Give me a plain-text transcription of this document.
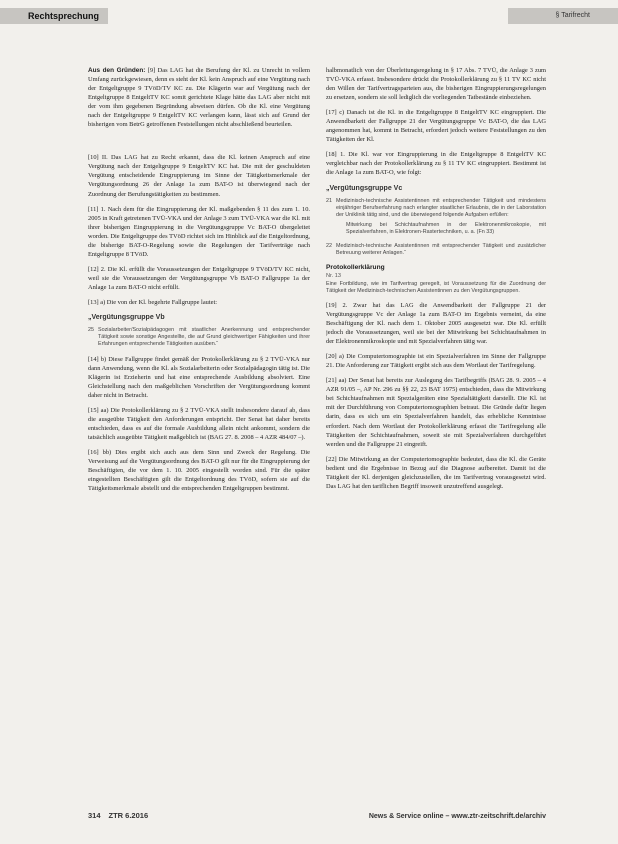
Rechtsprechung	§ Tarifrecht

Aus den Gründen: [9] Das LAG hat die Berufung der Kl. zu Unrecht in vollem Umfang zurückgewiesen, denn es steht der Kl. kein Anspruch auf eine Vergütung nach der Entgeltgruppe 9 TVöD/TV KC zu. Die Klägerin war auf Vergütung nach der Entgeltgruppe 8 EntgeltTV KC somit gerichtete Klage hätte das LAG aber nicht mit der vom ihm gegebenen Begründung abweisen dürfen. Ob die Kl. eine Vergütung nach der Entgeltgruppe 9 EntgeltTV KC verlangen kann, lässt sich auf Grund der bisherigen vom BetrG getroffenen Feststellungen nicht abschließend beurteilen.

[10] II. Das LAG hat zu Recht erkannt, dass die Kl. keinen Anspruch auf eine Vergütung nach der Entgeltgruppe 9 EntgeltTV KC hat. Die mit der geschuldeten Vergütung entscheidende Eingruppierung im Sinne der Tätigkeitsmerkmale der Vergütungsordnung 26 der Anlage 1a zum BAT-O ist überwiegend nach der Zuordnung der Berufungstätigkeiten zu bestimmen.

[11] 1. Nach dem für die Eingruppierung der Kl. maßgebenden § 11 des zum 1. 10. 2005 in Kraft getretenen TVÜ-VKA und der Anlage 3 zum TVÜ-VKA war die Kl. mit ihrer bisherigen Eingruppierung in die Vergütungsgruppe Vc BAT-O übergeleitet worden. Die Entgeltgruppe des TVöD richtet sich im Hinblick auf die Entgeltordnung, die bisherige BAT-O-Regelung sowie die Regelungen der Tarifverträge nach Entgeltgruppe 8 TVöD.

[12] 2. Die Kl. erfüllt die Voraussetzungen der Entgeltgruppe 9 TVöD/TV KC nicht, weil sie die Voraussetzungen der Vergütungsgruppe Vb BAT-O Fallgruppe 1a der Anlage 1a zum BAT-O nicht erfüllt.

[13] a) Die von der Kl. begehrte Fallgruppe lautet:

„Vergütungsgruppe Vb
25 Sozialarbeiter/Sozialpädagogen mit staatlicher Anerkennung und entsprechender Tätigkeit sowie sonstige Angestellte, die auf Grund gleichwertiger Fähigkeiten und ihrer Erfahrungen entsprechende Tätigkeiten ausüben.“

[14] b) Diese Fallgruppe findet gemäß der Protokollerklärung zu § 2 TVÜ-VKA nur dann Anwendung, wenn die Kl. als Sozialarbeiterin oder Sozialpädagogin tätig ist. Die Klägerin ist Erzieherin und hat eine entsprechende Ausbildung absolviert. Eine Gleichstellung nach den maßgeblichen Vorschriften der Vergütungsordnung kommt daher nicht in Betracht.

[15] aa) Die Protokollerklärung zu § 2 TVÜ-VKA stellt insbesondere darauf ab, dass die ausgeübte Tätigkeit den Anforderungen entspricht. Der Senat hat daher bereits entschieden, dass es auf die formale Ausbildung allein nicht ankommt, sondern die tatsächlich ausgeübte Tätigkeit maßgeblich ist (BAG 27. 8. 2008 – 4 AZR 484/07 –).

[16] bb) Dies ergibt sich auch aus dem Sinn und Zweck der Regelung. Die Verweisung auf die Vergütungsordnung des BAT-O gilt nur für die Eingruppierung der Beschäftigten, die vor dem 1. 10. 2005 eingestellt worden sind. Für die später eingestellten Beschäftigten gilt die Entgeltordnung des TVöD, sofern sie auf die Tätigkeitsmerkmale abstellt und die entsprechenden Entgeltgruppen bestimmt.

halbmonatlich von der Überleitungsregelung in § 17 Abs. 7 TVÜ, die Anlage 3 zum TVÜ-VKA erfasst. Insbesondere drückt die Protokollerklärung zu § 11 TV KC nicht den Willen der Tarifvertragsparteien aus, die bisherigen Eingruppierungsregelungen zu ersetzen, sondern sie soll lediglich die vorliegenden Tatbestände einbeziehen.

[17] c) Danach ist die Kl. in die Entgeltgruppe 8 EntgeltTV KC eingruppiert. Die Anwendbarkeit der Fallgruppe 21 der Vergütungsgruppe Vc BAT-O, die das LAG angenommen hat, kommt in Betracht, erfordert jedoch weitere Feststellungen zu den Tätigkeiten der Kl.

[18] 1. Die Kl. war vor Eingruppierung in die Entgeltgruppe 8 EntgeltTV KC vergleichbar nach der Protokollerklärung zu § 11 TV KC eingruppiert. Bestimmt ist die Anlage 1a zum BAT-O, wie folgt:

„Vergütungsgruppe Vc
21 Medizinisch-technische Assistentinnen mit entsprechender Tätigkeit und mindestens einjähriger Berufserfahrung nach erlangter staatlicher Erlaubnis, die in der Laborstation der Uniklinik tätig sind, und die überwiegend folgende Aufgaben erfüllen:
Mitwirkung bei Schichtaufnahmen in der Elektronenmikroskopie, mit Spezialverfahren, in Elektronen-Rastertechniken, u. a. (Fn 33)
22 Medizinisch-technische Assistentinnen mit entsprechender Tätigkeit und zusätzlicher Betreuung weiterer Anlagen.“
Protokollerklärung
Nr. 13
Eine Fortbildung, wie im Tarifvertrag geregelt, ist Voraussetzung für die Zuordnung der Tätigkeit der Medizinisch-technischen Assistentinnen zu den Vergütungsgruppen.

[19] 2. Zwar hat das LAG die Anwendbarkeit der Fallgruppe 21 der Vergütungsgruppe Vc der Anlage 1a zum BAT-O im Ergebnis verneint, da eine Beschäftigung der Kl. nach dem 1. Oktober 2005 ausgesetzt war. Die Kl. erfüllt jedoch die Voraussetzungen, weil sie bei der Mitwirkung bei Schichtaufnahmen in der Elektronenmikroskopie und mit Spezialverfahren tätig war.

[20] a) Die Computertomographie ist ein Spezialverfahren im Sinne der Fallgruppe 21. Die Anforderung zur Tätigkeit ergibt sich aus dem Wortlaut der Tarifregelung.

[21] aa) Der Senat hat bereits zur Auslegung des Tarifbegriffs (BAG 28. 9. 2005 – 4 AZR 91/05 –, AP Nr. 296 zu §§ 22, 23 BAT 1975) entschieden, dass die Mitwirkung bei Schichtaufnahmen mit Spezialgeräten eine Spezialtätigkeit darstellt. Die Kl. ist mit der Durchführung von Computertomographien betraut. Die Gründe dafür liegen darin, dass es sich um ein Spezialverfahren handelt, das erhebliche Kenntnisse erfordert. Nach dem Wortlaut der Protokollerklärung erfasst die Tarifregelung alle Tätigkeiten der Schichtaufnahmen, soweit sie mit Spezialverfahren durchgeführt werden und die Fallgruppe 21 eingreift.

[22] Die Mitwirkung an der Computertomographie bedeutet, dass die Kl. die Geräte bedient und die Ergebnisse in Bezug auf die Diagnose aufbereitet. Damit ist die Tätigkeit der Kl. derjenigen gleichzustellen, die im Tarifvertrag vorausgesetzt wird. Das LAG hat den tariflichen Begriff insoweit unzutreffend ausgelegt.

314 ZTR 6.2016	News & Service online – www.ztr-zeitschrift.de/archiv
